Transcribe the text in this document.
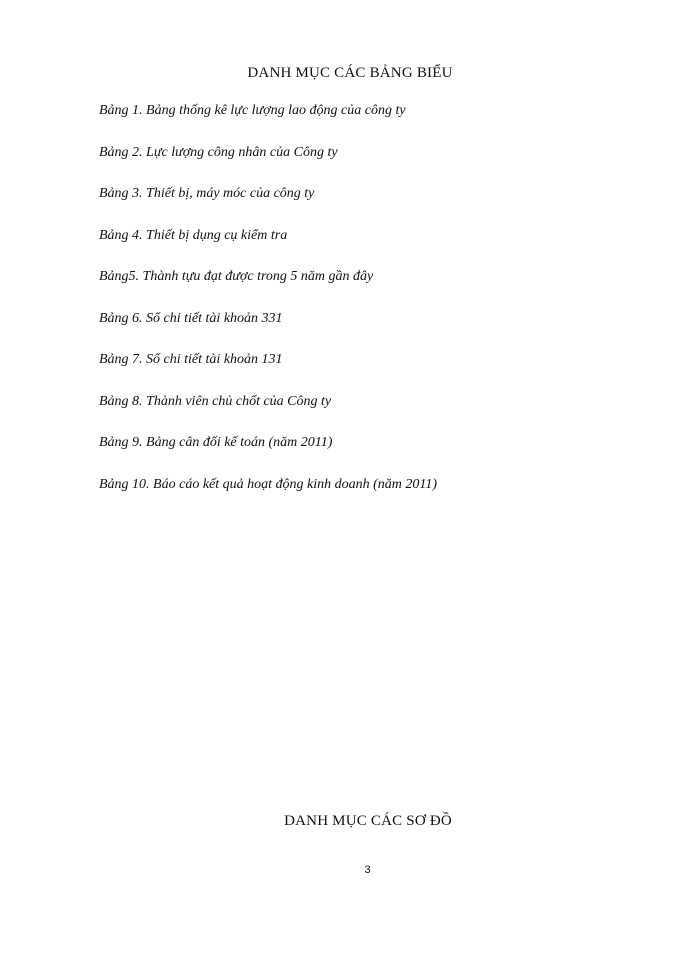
DANH MỤC CÁC BẢNG BIỂU
Bảng 1. Bảng thống kê lực lượng lao động của công ty
Bảng 2. Lực lượng công nhân của Công ty
Bảng 3. Thiết bị, máy móc của công ty
Bảng 4. Thiết bị dụng cụ kiểm tra
Bảng5. Thành tựu đạt được trong 5 năm gần đây
Bảng 6. Sổ chi tiết tài khoản 331
Bảng 7. Sổ chi tiết tài khoản 131
Bảng 8. Thành viên chủ chốt của Công ty
Bảng 9. Bảng cân đối kế toán (năm 2011)
Bảng 10. Báo cáo kết quả hoạt động kinh doanh (năm 2011)
DANH MỤC CÁC SƠ ĐỒ
3
